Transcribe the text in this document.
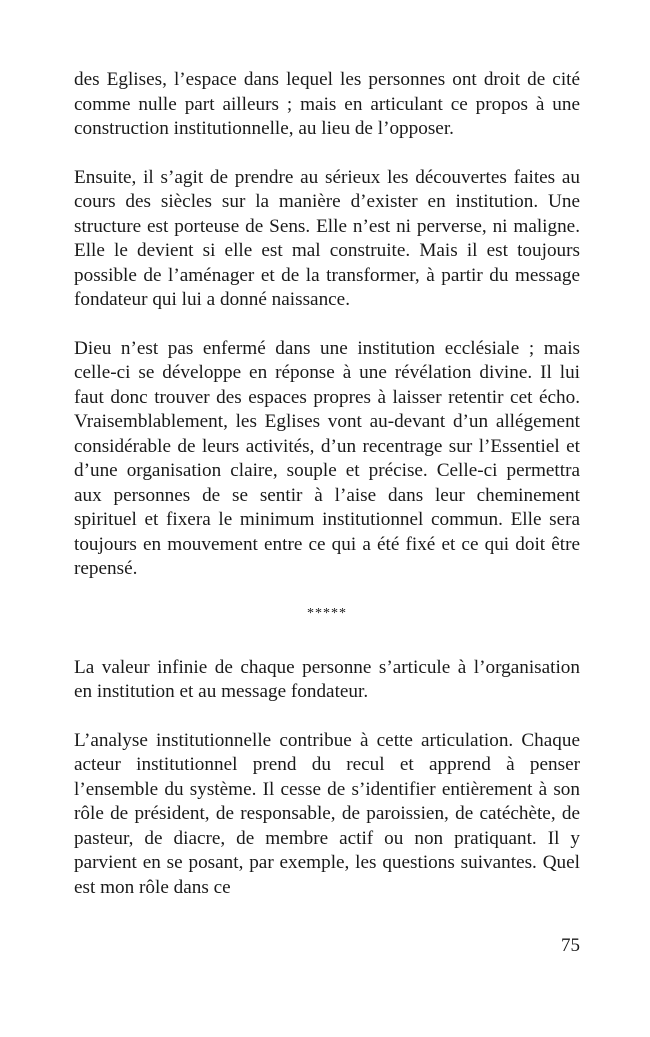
des Eglises, l’espace dans lequel les personnes ont droit de cité comme nulle part ailleurs ; mais en articulant ce propos à une construction institutionnelle, au lieu de l’opposer.

Ensuite, il s’agit de prendre au sérieux les découvertes faites au cours des siècles sur la manière d’exister en institution. Une structure est porteuse de Sens. Elle n’est ni perverse, ni maligne. Elle le devient si elle est mal construite. Mais il est toujours possible de l’aménager et de la transformer, à partir du message fondateur qui lui a donné naissance.

Dieu n’est pas enfermé dans une institution ecclésiale ; mais celle-ci se développe en réponse à une révélation divine. Il lui faut donc trouver des espaces propres à laisser retentir cet écho. Vraisemblablement, les Eglises vont au-devant d’un allégement considérable de leurs activités, d’un recentrage sur l’Essentiel et d’une organisation claire, souple et précise. Celle-ci permettra aux personnes de se sentir à l’aise dans leur cheminement spirituel et fixera le minimum institutionnel commun. Elle sera toujours en mouvement entre ce qui a été fixé et ce qui doit être repensé.

*****

La valeur infinie de chaque personne s’articule à l’organisation en institution et au message fondateur.

L’analyse institutionnelle contribue à cette articulation. Chaque acteur institutionnel prend du recul et apprend à penser l’ensemble du système. Il cesse de s’identifier entièrement à son rôle de président, de responsable, de paroissien, de catéchète, de pasteur, de diacre, de membre actif ou non pratiquant. Il y parvient en se posant, par exemple, les questions suivantes. Quel est mon rôle dans ce

75
